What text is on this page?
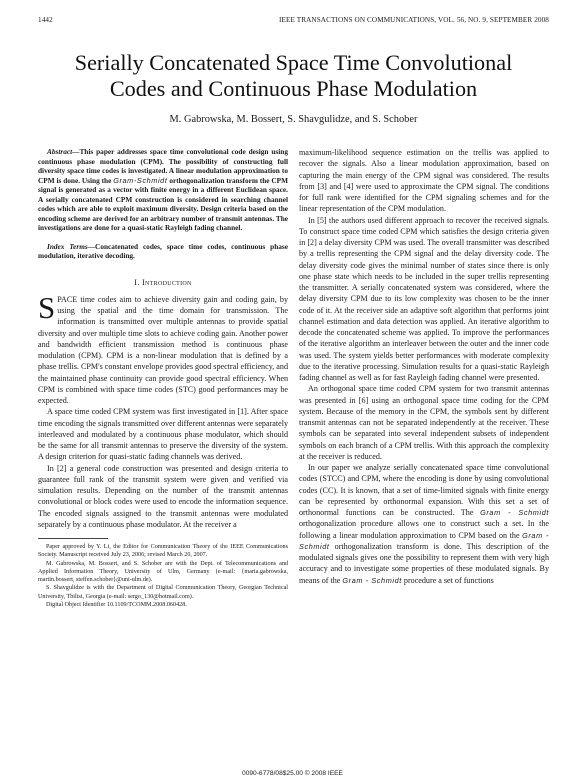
1442	IEEE TRANSACTIONS ON COMMUNICATIONS, VOL. 56, NO. 9, SEPTEMBER 2008
Serially Concatenated Space Time Convolutional
Codes and Continuous Phase Modulation
M. Gabrowska, M. Bossert, S. Shavgulidze, and S. Schober

Abstract—This paper addresses space time convolutional code design using continuous phase modulation (CPM). The possibility of constructing full diversity space time codes is investigated. A linear modulation approximation to CPM is done. Using the Gram-Schmidt orthogonalization transform the CPM signal is generated as a vector with finite energy in a different Euclidean space. A serially concatenated CPM construction is considered in searching channel codes which are able to exploit maximum diversity. Design criteria based on the encoding scheme are derived for an arbitrary number of transmit antennas. The investigations are done for a quasi-static Rayleigh fading channel.

Index Terms—Concatenated codes, space time codes, continuous phase modulation, iterative decoding.

I. Introduction

SPACE time codes aim to achieve diversity gain and coding gain, by using the spatial and the time domain for transmission. The information is transmitted over multiple antennas to provide spatial diversity and over multiple time slots to achieve coding gain. Another power and bandwidth efficient transmission method is continuous phase modulation (CPM). CPM is a non-linear modulation that is defined by a phase trellis. CPM's constant envelope provides good spectral efficiency, and the maintained phase continuity can provide good spectral efficiency. When CPM is combined with space time codes (STC) good performances may be expected.

A space time coded CPM system was first investigated in [1]. After space time encoding the signals transmitted over different antennas were separately interleaved and modulated by a continuous phase modulator, which should be the same for all transmit antennas to preserve the diversity of the system. A design criterion for quasi-static fading channels was derived.

In [2] a general code construction was presented and design criteria to guarantee full rank of the transmit system were given and verified via simulation results. Depending on the number of the transmit antennas convolutional or block codes were used to encode the information sequence. The encoded signals assigned to the transmit antennas were modulated separately by a continuous phase modulator. At the receiver a

Paper approved by Y. Li, the Editor for Communication Theory of the IEEE Communications Society. Manuscript received July 23, 2006; revised March 20, 2007.

M. Gabrowska, M. Bossert, and S. Schober are with the Dept. of Telecommunications and Applied Information Theory, University of Ulm, Germany (e-mail: {maria.gabrowska, martin.bossert, steffen.schober}@uni-ulm.de).

S. Shavgulidze is with the Department of Digital Communication Theory, Georgian Technical University, Tbilisi, Georgia (e-mail: sergo_130@hotmail.com).

Digital Object Identifier 10.1109/TCOMM.2008.060428.

maximum-likelihood sequence estimation on the trellis was applied to recover the signals. Also a linear modulation approximation, based on capturing the main energy of the CPM signal was considered. The results from [3] and [4] were used to approximate the CPM signal. The conditions for full rank were identified for the CPM signaling schemes and for the linear representation of the CPM modulation.

In [5] the authors used different approach to recover the received signals. To construct space time coded CPM which satisfies the design criteria given in [2] a delay diversity CPM was used. The overall transmitter was described by a trellis representing the CPM signal and the delay diversity code. The delay diversity code gives the minimal number of states since there is only one phase state which needs to be included in the super trellis representing the transmitter. A serially concatenated system was considered, where the delay diversity CPM due to its low complexity was chosen to be the inner code of it. At the receiver side an adaptive soft algorithm that performs joint channel estimation and data detection was applied. An iterative algorithm to decode the concatenated scheme was applied. To improve the performances of the iterative algorithm an interleaver between the outer and the inner code was used. The system yields better performances with moderate complexity due to the iterative processing. Simulation results for a quasi-static Rayleigh fading channel as well as for fast Rayleigh fading channel were presented.

An orthogonal space time coded CPM system for two transmit antennas was presented in [6] using an orthogonal space time coding for the CPM system. Because of the memory in the CPM, the symbols sent by different transmit antennas can not be separated independently at the receiver. These symbols can be separated into several independent subsets of independent symbols on each branch of a CPM trellis. With this approach the complexity at the receiver is reduced.

In our paper we analyze serially concatenated space time convolutional codes (STCC) and CPM, where the encoding is done by using convolutional codes (CC). It is known, that a set of time-limited signals with finite energy can be represented by orthonormal expansion. With this set a set of orthonormal functions can be constructed. The Gram - Schmidt orthogonalization procedure allows one to construct such a set. In the following a linear modulation approximation to CPM based on the Gram - Schmidt orthogonalization transform is done. This description of the modulated signals gives one the possibility to represent them with very high accuracy and to investigate some properties of these modulated signals. By means of the Gram - Schmidt procedure a set of functions

0090-6778/08$25.00 © 2008 IEEE
